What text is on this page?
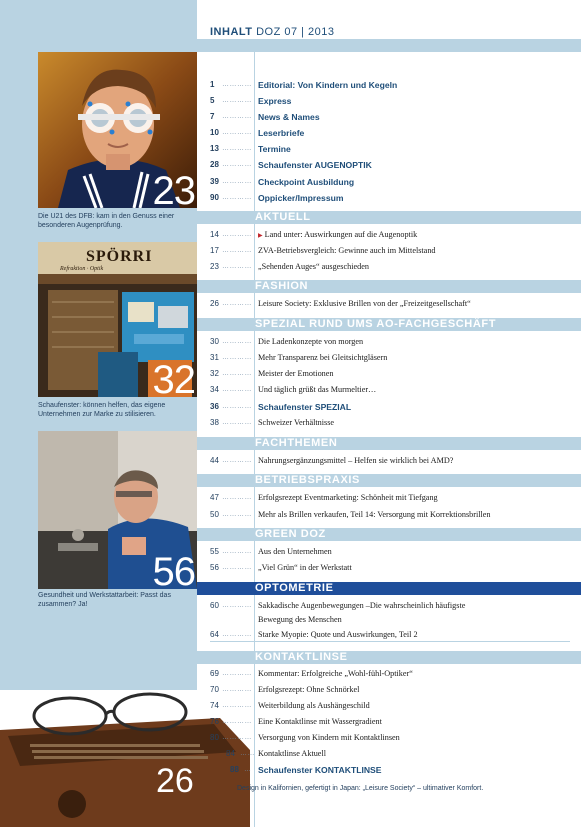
INHALT DOZ 07 | 2013
23
Die U21 des DFB: kam in den Genuss einer besonderen Augenprüfung.
SPÖRRI
Refraktion · Optik
32
Schaufenster: können helfen, das eigene Unternehmen zur Marke zu stilisieren.
56
Gesundheit und Werkstattarbeit: Passt das zusammen? Ja!
26	Design in Kalifornien, gefertigt in Japan: „Leisure Society“ – ultimativer Komfort.
1	………… Editorial: Von Kindern und Kegeln
5	………… Express
7	………… News & Names
10 ………… Leserbriefe
13 ………… Termine
28 ………… Schaufenster AUGENOPTIK
39 ………… Checkpoint Ausbildung
90 ………… Oppicker/Impressum
AKTUELL
14 …………	▶ Land unter: Auswirkungen auf die Augenoptik
17 ………… ZVA-Betriebsvergleich: Gewinne auch im Mittelstand
23 ………… „Sehenden Auges“ ausgeschieden
FASHION
26 ………… Leisure Society: Exklusive Brillen von der „Freizeitgesellschaft“
SPEZIAL RUND UMS AO-FACHGESCHÄFT
30 ………… Die Ladenkonzepte von morgen
31 ………… Mehr Transparenz bei Gleitsichtgläsern
32 ………… Meister der Emotionen
34 ………… Und täglich grüßt das Murmeltier…
36 ………… Schaufenster SPEZIAL
38 ………… Schweizer Verhältnisse
FACHTHEMEN
44 ………… Nahrungsergänzungsmittel – Helfen sie wirklich bei AMD?
BETRIEBSPRAXIS
47 ………… Erfolgsrezept Eventmarketing: Schönheit mit Tiefgang
50 ………… Mehr als Brillen verkaufen, Teil 14: Versorgung mit Korrektionsbrillen
GREEN DOZ
55 ………… Aus den Unternehmen
56 ………… „Viel Grün“ in der Werkstatt
OPTOMETRIE
60 ………… Sakkadische Augenbewegungen –Die wahrscheinlich häufigste
Bewegung des Menschen
64 ………… Starke Myopie: Quote und Auswirkungen, Teil 2
KONTAKTLINSE
69 ………… Kommentar: Erfolgreiche „Wohl-fühl-Optiker“
70 ………… Erfolgsrezept: Ohne Schnörkel
74 ………… Weiterbildung als Aushängeschild
76 ………… Eine Kontaktlinse mit Wassergradient
80 ………… Versorgung von Kindern mit Kontaktlinsen
84 …… Kontaktlinse Aktuell
88 … Schaufenster KONTAKTLINSE
